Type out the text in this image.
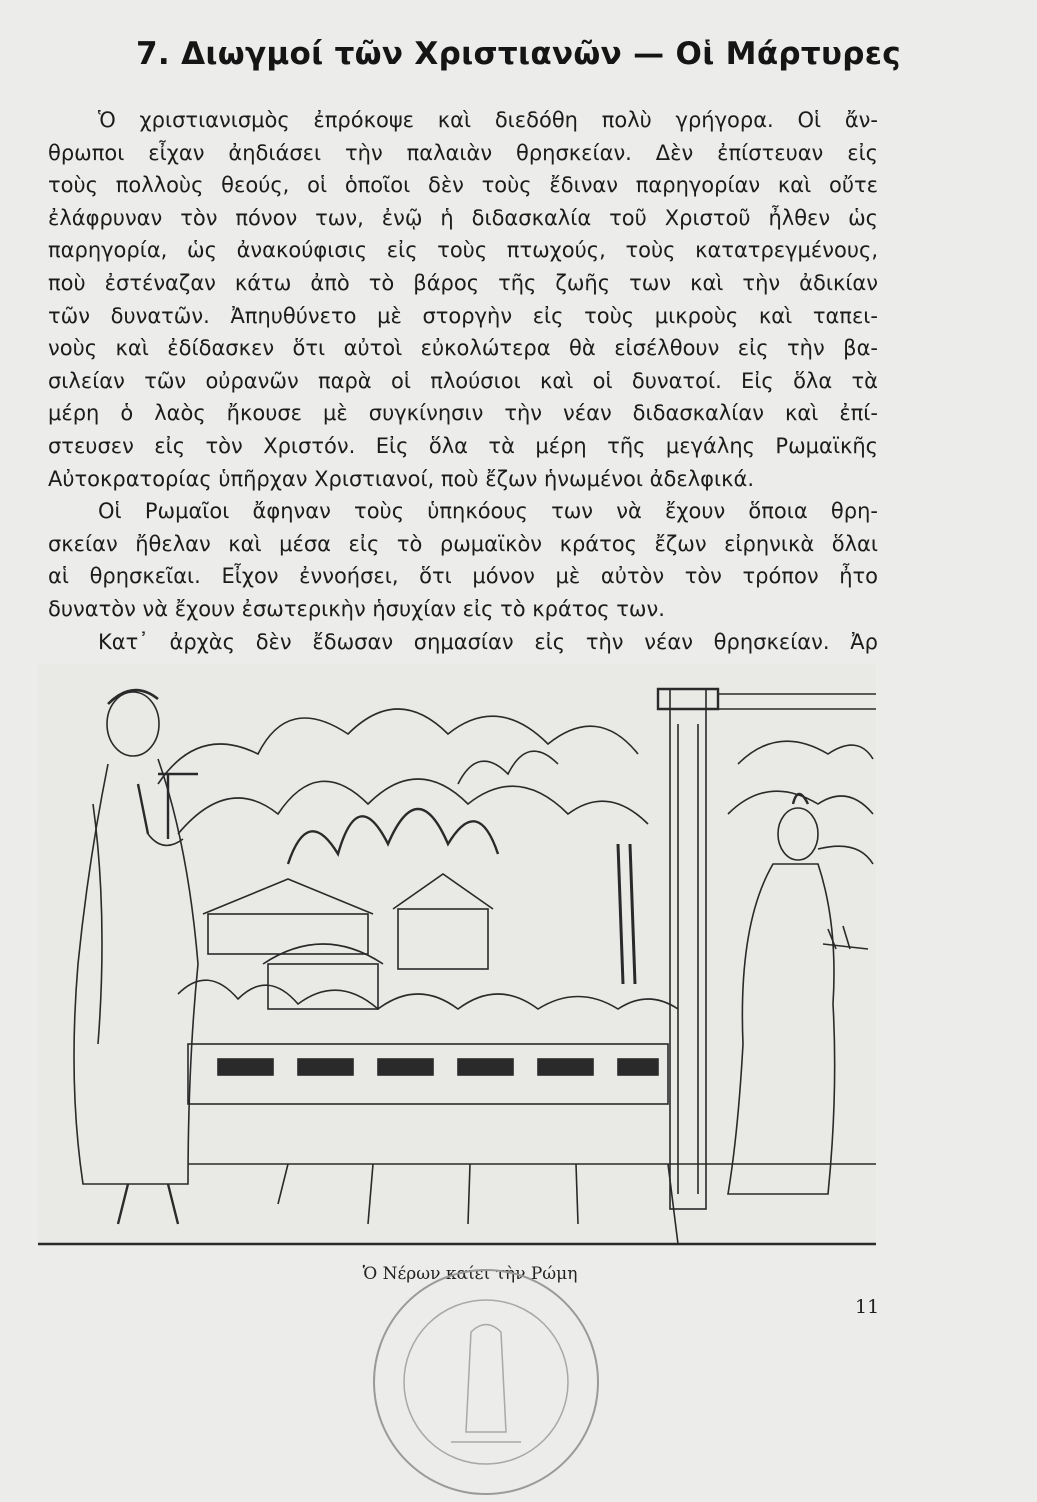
7. Διωγμοί τῶν Χριστιανῶν — Οἱ Μάρτυρες
Ὁ χριστιανισμὸς ἐπρόκοψε καὶ διεδόθη πολὺ γρήγορα. Οἱ ἄν-
θρωποι εἶχαν ἀηδιάσει τὴν παλαιὰν θρησκείαν. Δὲν ἐπίστευαν εἰς
τοὺς πολλοὺς θεούς, οἱ ὁποῖοι δὲν τοὺς ἔδιναν παρηγορίαν καὶ οὔτε
ἐλάφρυναν τὸν πόνον των, ἐνῷ ἡ διδασκαλία τοῦ Χριστοῦ ἦλθεν ὡς
παρηγορία, ὡς ἀνακούφισις εἰς τοὺς πτωχούς, τοὺς κατατρεγμένους,
ποὺ ἐστέναζαν κάτω ἀπὸ τὸ βάρος τῆς ζωῆς των καὶ τὴν ἀδικίαν
τῶν δυνατῶν. Ἀπηυθύνετο μὲ στοργὴν εἰς τοὺς μικροὺς καὶ ταπει-
νοὺς καὶ ἐδίδασκεν ὅτι αὐτοὶ εὐκολώτερα θὰ εἰσέλθουν εἰς τὴν βα-
σιλείαν τῶν οὐρανῶν παρὰ οἱ πλούσιοι καὶ οἱ δυνατοί. Εἰς ὅλα τὰ
μέρη ὁ λαὸς ἤκουσε μὲ συγκίνησιν τὴν νέαν διδασκαλίαν καὶ ἐπί-
στευσεν εἰς τὸν Χριστόν. Εἰς ὅλα τὰ μέρη τῆς μεγάλης Ρωμαϊκῆς
Αὐτοκρατορίας ὑπῆρχαν Χριστιανοί, ποὺ ἔζων ἡνωμένοι ἀδελφικά.
Οἱ Ρωμαῖοι ἄφηναν τοὺς ὑπηκόους των νὰ ἔχουν ὅποια θρη-
σκείαν ἤθελαν καὶ μέσα εἰς τὸ ρωμαϊκὸν κράτος ἔζων εἰρηνικὰ ὅλαι
αἱ θρησκεῖαι. Εἶχον ἐννοήσει, ὅτι μόνον μὲ αὐτὸν τὸν τρόπον ἦτο
δυνατὸν νὰ ἔχουν ἐσωτερικὴν ἡσυχίαν εἰς τὸ κράτος των.
Κατ᾽ ἀρχὰς δὲν ἔδωσαν σημασίαν εἰς τὴν νέαν θρησκείαν. Ἀρ
Ὁ Νέρων καίει τὴν Ρώμη
11
